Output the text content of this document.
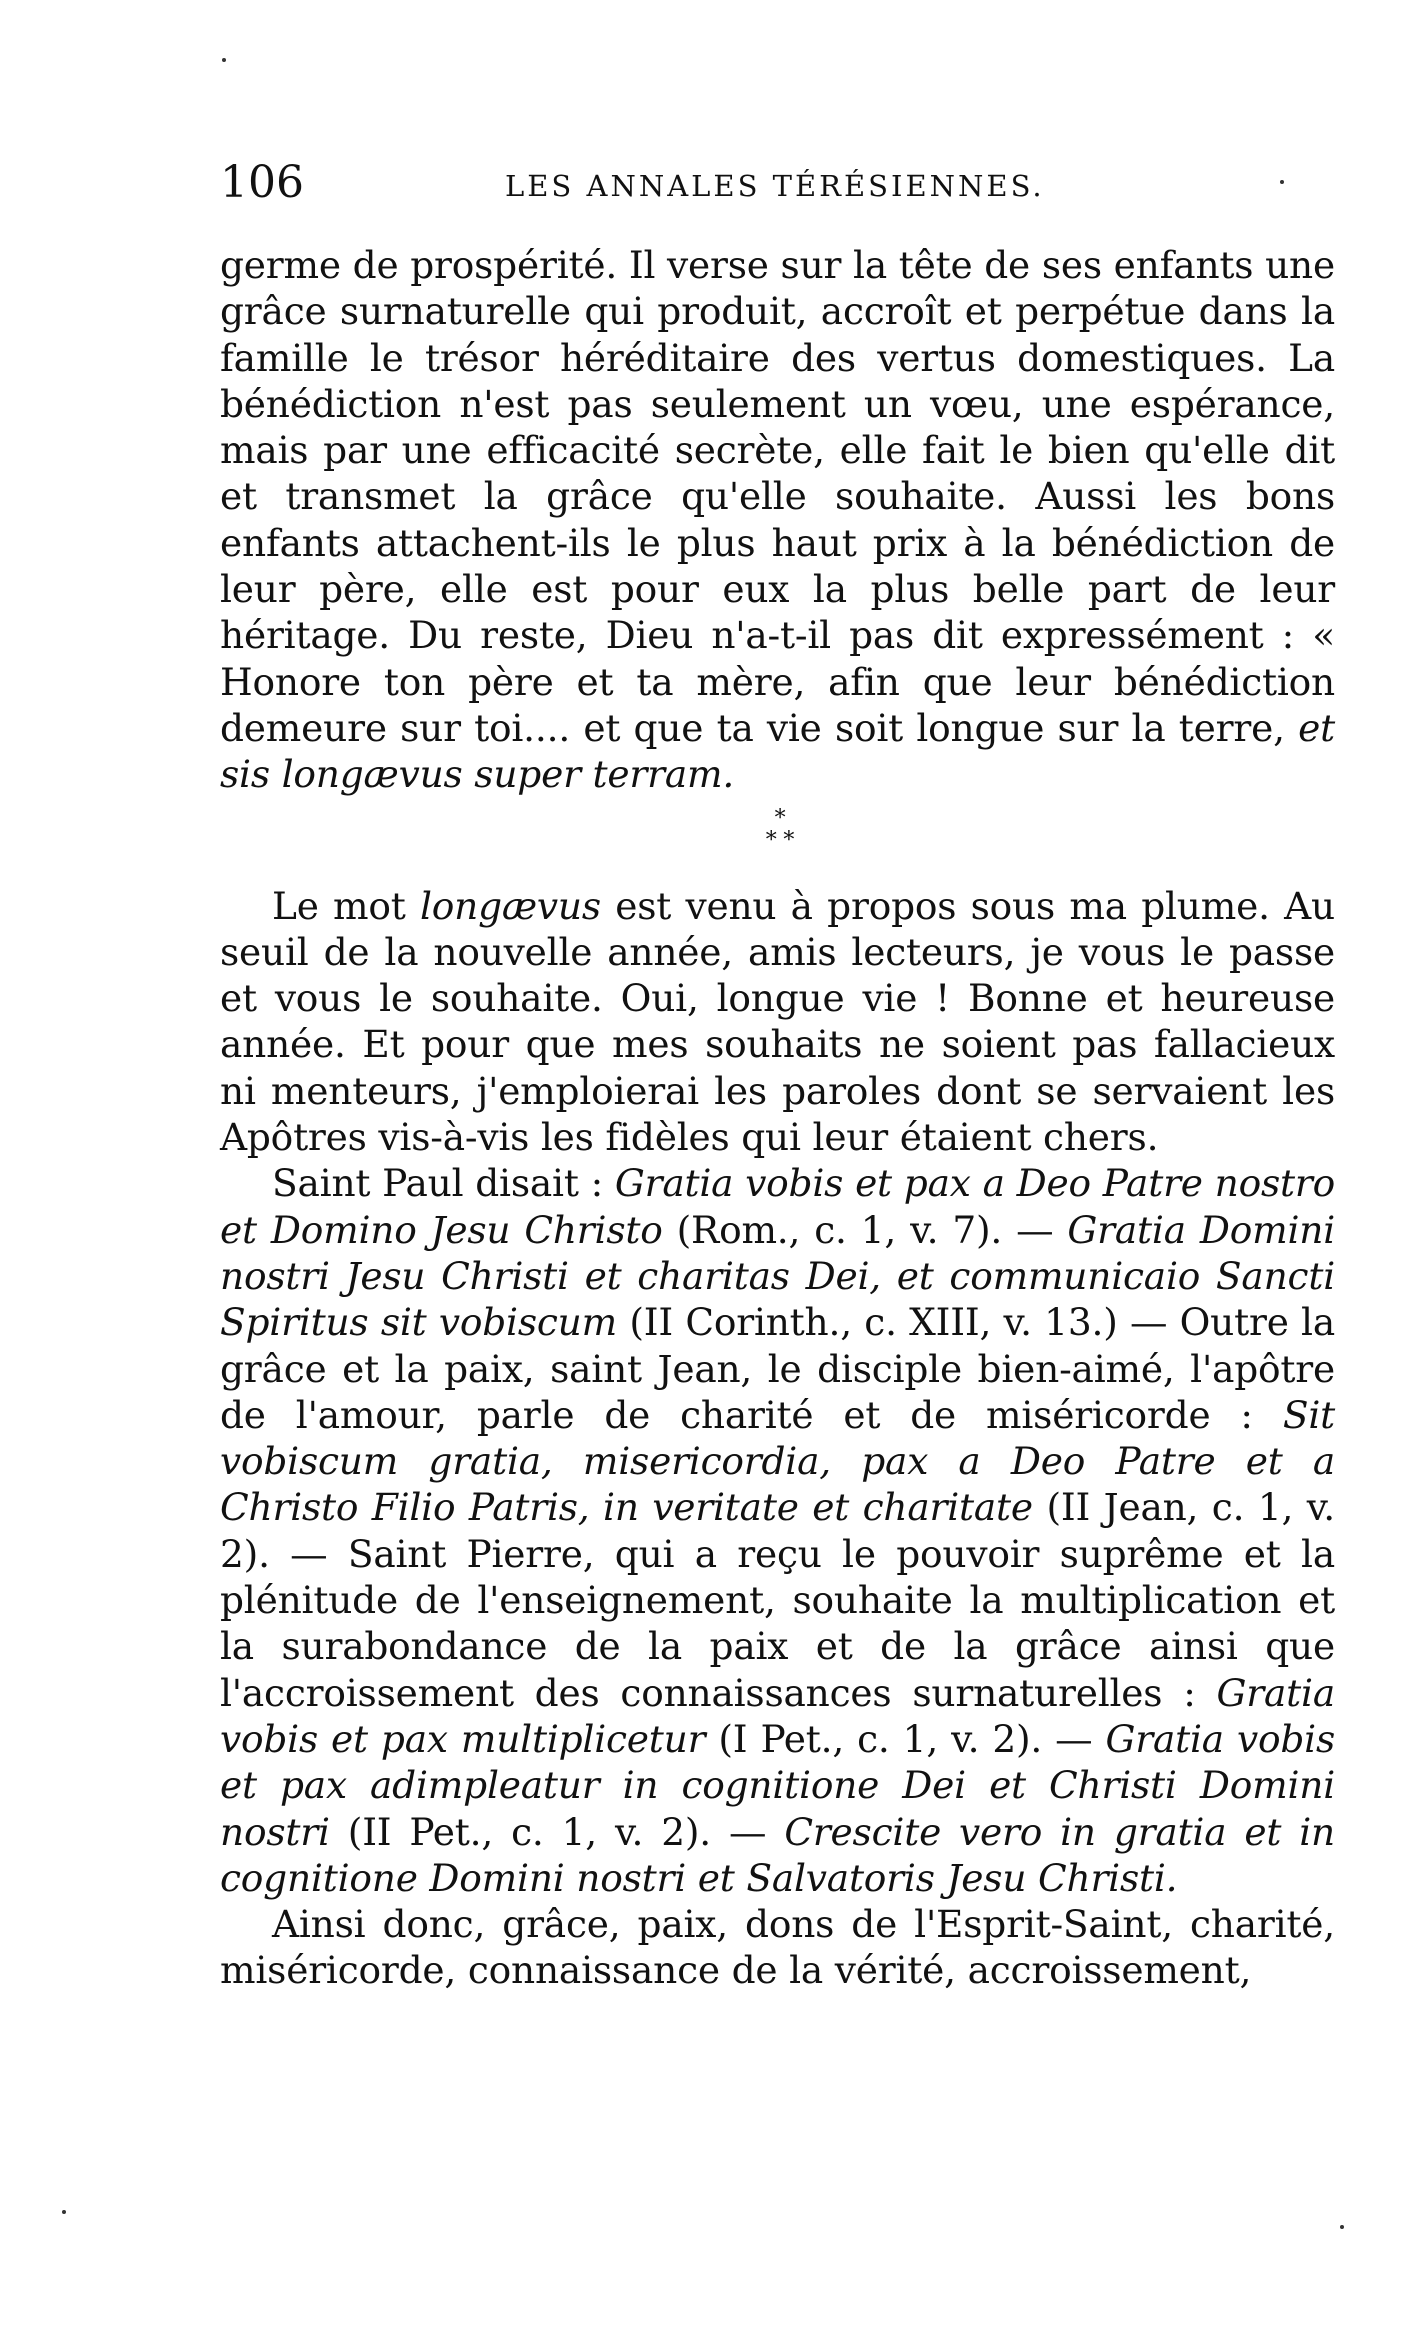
106	LES ANNALES TÉRÉSIENNES.

germe de prospérité. Il verse sur la tête de ses enfants une grâce surnaturelle qui produit, accroît et perpétue dans la famille le trésor héréditaire des vertus domestiques. La bénédiction n'est pas seulement un vœu, une espérance, mais par une efficacité secrète, elle fait le bien qu'elle dit et transmet la grâce qu'elle souhaite. Aussi les bons enfants attachent-ils le plus haut prix à la bénédiction de leur père, elle est pour eux la plus belle part de leur héritage. Du reste, Dieu n'a-t-il pas dit expressément : « Honore ton père et ta mère, afin que leur bénédiction demeure sur toi.... et que ta vie soit longue sur la terre, et sis longævus super terram.

*
* *

Le mot longævus est venu à propos sous ma plume. Au seuil de la nouvelle année, amis lecteurs, je vous le passe et vous le souhaite. Oui, longue vie ! Bonne et heureuse année. Et pour que mes souhaits ne soient pas fallacieux ni menteurs, j'emploierai les paroles dont se servaient les Apôtres vis-à-vis les fidèles qui leur étaient chers.

Saint Paul disait : Gratia vobis et pax a Deo Patre nostro et Domino Jesu Christo (Rom., c. 1, v. 7). — Gratia Domini nostri Jesu Christi et charitas Dei, et communicaio Sancti Spiritus sit vobiscum (II Corinth., c. XIII, v. 13.) — Outre la grâce et la paix, saint Jean, le disciple bien-aimé, l'apôtre de l'amour, parle de charité et de miséricorde : Sit vobiscum gratia, misericordia, pax a Deo Patre et a Christo Filio Patris, in veritate et charitate (II Jean, c. 1, v. 2). — Saint Pierre, qui a reçu le pouvoir suprême et la plénitude de l'enseignement, souhaite la multiplication et la surabondance de la paix et de la grâce ainsi que l'accroissement des connaissances surnaturelles : Gratia vobis et pax multiplicetur (I Pet., c. 1, v. 2). — Gratia vobis et pax adimpleatur in cognitione Dei et Christi Domini nostri (II Pet., c. 1, v. 2). — Crescite vero in gratia et in cognitione Domini nostri et Salvatoris Jesu Christi.

Ainsi donc, grâce, paix, dons de l'Esprit-Saint, charité, miséricorde, connaissance de la vérité, accroissement,
